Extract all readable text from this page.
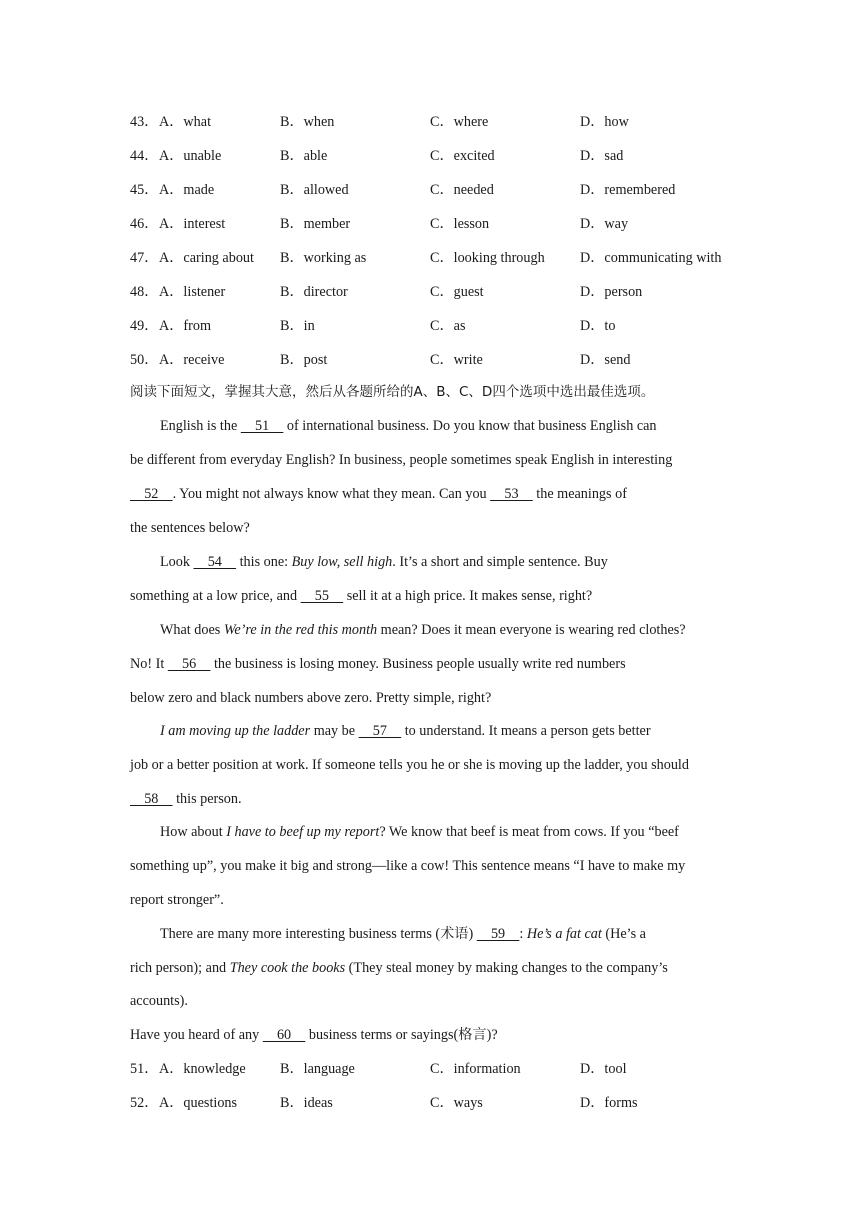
43． A．what	B．when	C．where	D．how
44． A．unable	B．able	C．excited	D．sad
45． A．made	B．allowed	C．needed	D．remembered
46． A．interest	B．member	C．lesson	D．way
47． A．caring about B．working as	C．looking through D．communicating with
48． A．listener	B．director	C．guest	D．person
49． A．from	B．in	C．as	D．to
50． A．receive	B．post	C．write	D．send
阅读下面短文，掌握其大意，然后从各题所给的A、B、C、D四个选项中选出最佳选项。
English is the     51     of international business. Do you know that business English can
be different from everyday English? In business, people sometimes speak English in interesting
52    . You might not always know what they mean. Can you     53     the meanings of
the sentences below?
Look     54     this one: Buy low, sell high. It’s a short and simple sentence. Buy
something at a low price, and     55     sell it at a high price. It makes sense, right?
What does We’re in the red this month mean? Does it mean everyone is wearing red clothes?
No! It     56     the business is losing money. Business people usually write red numbers
below zero and black numbers above zero. Pretty simple, right?
I am moving up the ladder may be     57     to understand. It means a person gets better
job or a better position at work. If someone tells you he or she is moving up the ladder, you should
58     this person.
How about I have to beef up my report? We know that beef is meat from cows. If you “beef
something up”, you make it big and strong—like a cow! This sentence means “I have to make my
report stronger”.
There are many more interesting business terms (术语)     59    : He’s a fat cat (He’s a
rich person); and They cook the books (They steal money by making changes to the company’s
accounts).
Have you heard of any     60     business terms or sayings(格言)?
51． A．knowledge B．language	C．information	D．tool
52． A．questions	B．ideas	C．ways	D．forms
